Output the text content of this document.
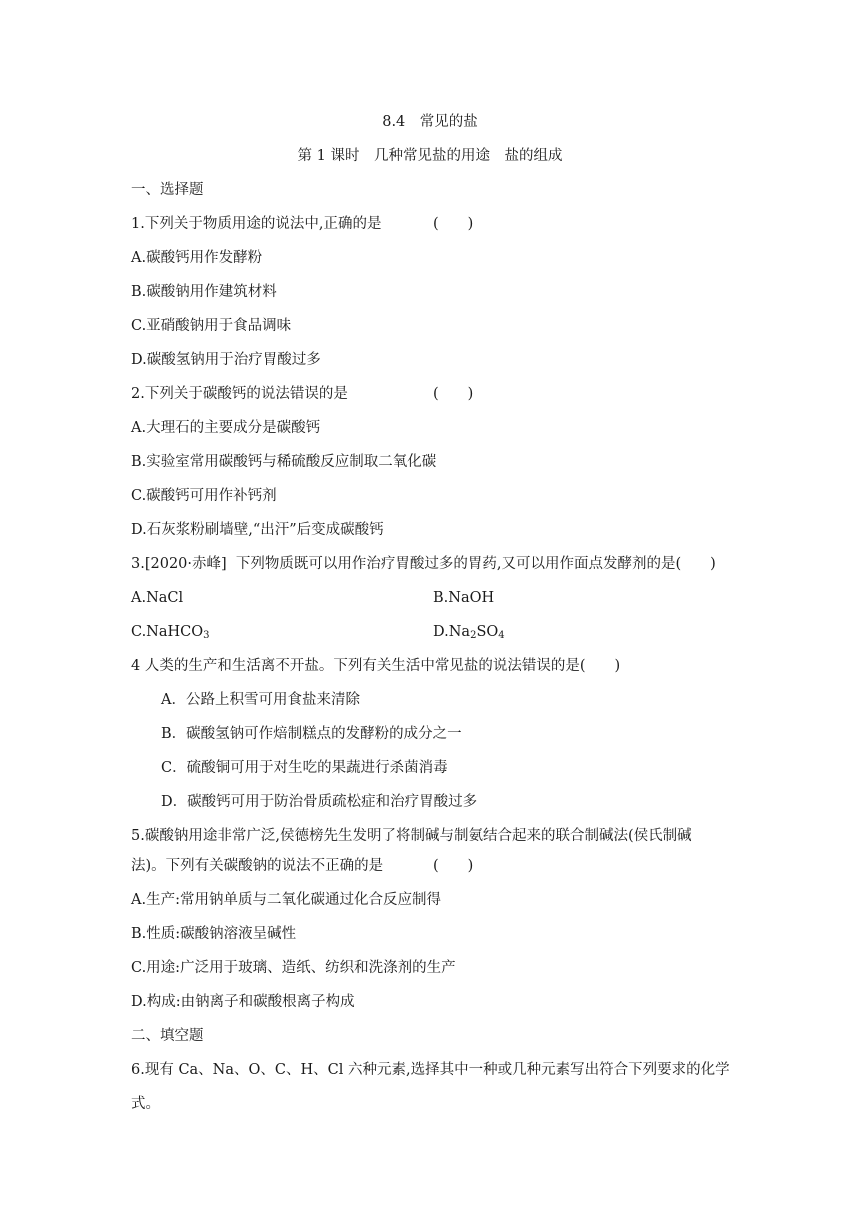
8.4　常见的盐
第 1 课时　几种常见盐的用途　盐的组成
一、选择题
1.下列关于物质用途的说法中,正确的是	(　　)
A.碳酸钙用作发酵粉
B.碳酸钠用作建筑材料
C.亚硝酸钠用于食品调味
D.碳酸氢钠用于治疗胃酸过多
2.下列关于碳酸钙的说法错误的是	(　　)
A.大理石的主要成分是碳酸钙
B.实验室常用碳酸钙与稀硫酸反应制取二氧化碳
C.碳酸钙可用作补钙剂
D.石灰浆粉刷墙壁,“出汗”后变成碳酸钙
3.[2020·赤峰] 下列物质既可以用作治疗胃酸过多的胃药,又可以用作面点发酵剂的是(　　)
A.NaCl	B.NaOH
C.NaHCO$_3$	$D.Na_2SO_4$
4 人类的生产和生活离不开盐。下列有关生活中常见盐的说法错误的是(　　)
A．公路上积雪可用食盐来清除
B．碳酸氢钠可作焙制糕点的发酵粉的成分之一
C．硫酸铜可用于对生吃的果蔬进行杀菌消毒
D．碳酸钙可用于防治骨质疏松症和治疗胃酸过多
5.碳酸钠用途非常广泛,侯德榜先生发明了将制碱与制氨结合起来的联合制碱法(侯氏制碱
法)。下列有关碳酸钠的说法不正确的是	(　　)
A.生产:常用钠单质与二氧化碳通过化合反应制得
B.性质:碳酸钠溶液呈碱性
C.用途:广泛用于玻璃、造纸、纺织和洗涤剂的生产
D.构成:由钠离子和碳酸根离子构成
二、填空题
6.现有 Ca、Na、O、C、H、Cl 六种元素,选择其中一种或几种元素写出符合下列要求的化学
式。
